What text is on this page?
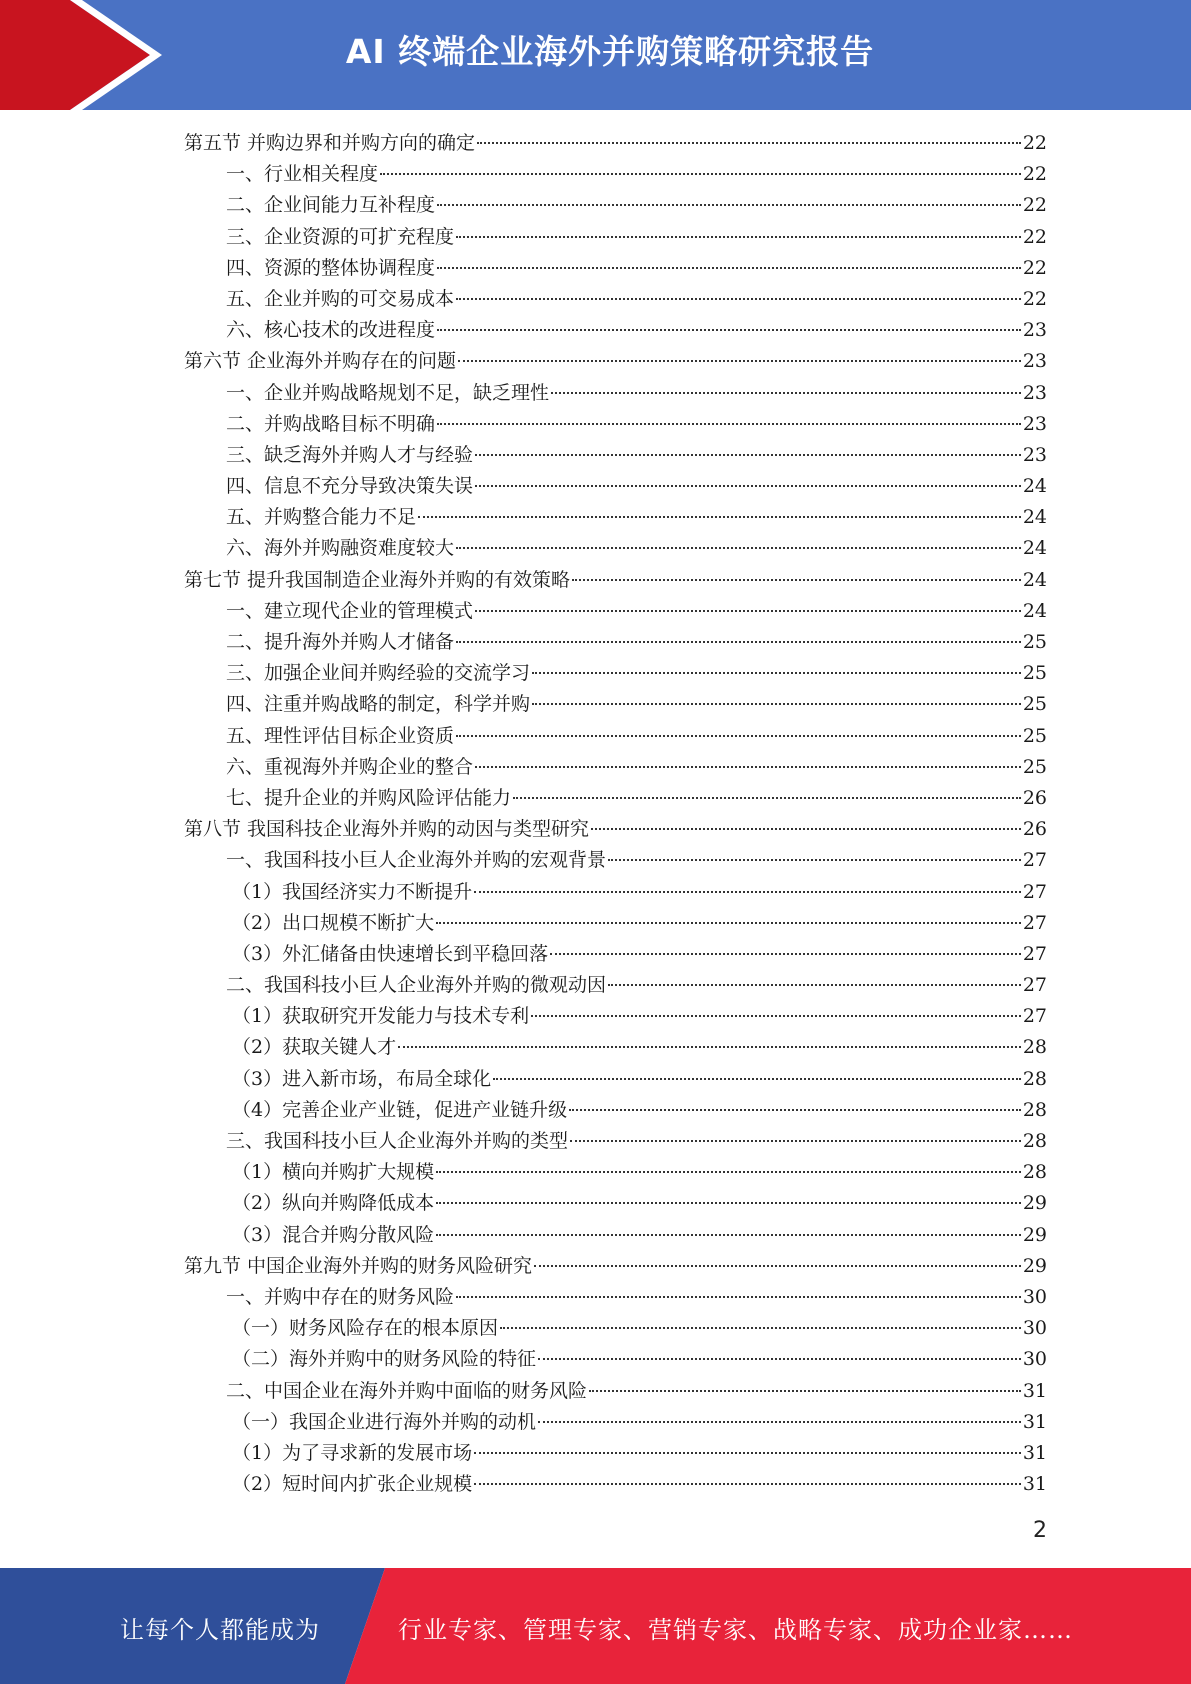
AI 终端企业海外并购策略研究报告
第五节 并购边界和并购方向的确定	22
一、行业相关程度	22
二、企业间能力互补程度	22
三、企业资源的可扩充程度	22
四、资源的整体协调程度	22
五、企业并购的可交易成本	22
六、核心技术的改进程度	23
第六节 企业海外并购存在的问题	23
一、企业并购战略规划不足，缺乏理性	23
二、并购战略目标不明确	23
三、缺乏海外并购人才与经验	23
四、信息不充分导致决策失误	24
五、并购整合能力不足	24
六、海外并购融资难度较大	24
第七节 提升我国制造企业海外并购的有效策略	24
一、建立现代企业的管理模式	24
二、提升海外并购人才储备	25
三、加强企业间并购经验的交流学习	25
四、注重并购战略的制定，科学并购	25
五、理性评估目标企业资质	25
六、重视海外并购企业的整合	25
七、提升企业的并购风险评估能力	26
第八节 我国科技企业海外并购的动因与类型研究	26
一、我国科技小巨人企业海外并购的宏观背景	27
（1）我国经济实力不断提升	27
（2）出口规模不断扩大	27
（3）外汇储备由快速增长到平稳回落	27
二、我国科技小巨人企业海外并购的微观动因	27
（1）获取研究开发能力与技术专利	27
（2）获取关键人才	28
（3）进入新市场，布局全球化	28
（4）完善企业产业链，促进产业链升级	28
三、我国科技小巨人企业海外并购的类型	28
（1）横向并购扩大规模	28
（2）纵向并购降低成本	29
（3）混合并购分散风险	29
第九节 中国企业海外并购的财务风险研究	29
一、并购中存在的财务风险	30
（一）财务风险存在的根本原因	30
（二）海外并购中的财务风险的特征	30
二、中国企业在海外并购中面临的财务风险	31
（一）我国企业进行海外并购的动机	31
（1）为了寻求新的发展市场	31
（2）短时间内扩张企业规模	31
2
让每个人都能成为	行业专家、管理专家、营销专家、战略专家、成功企业家……
